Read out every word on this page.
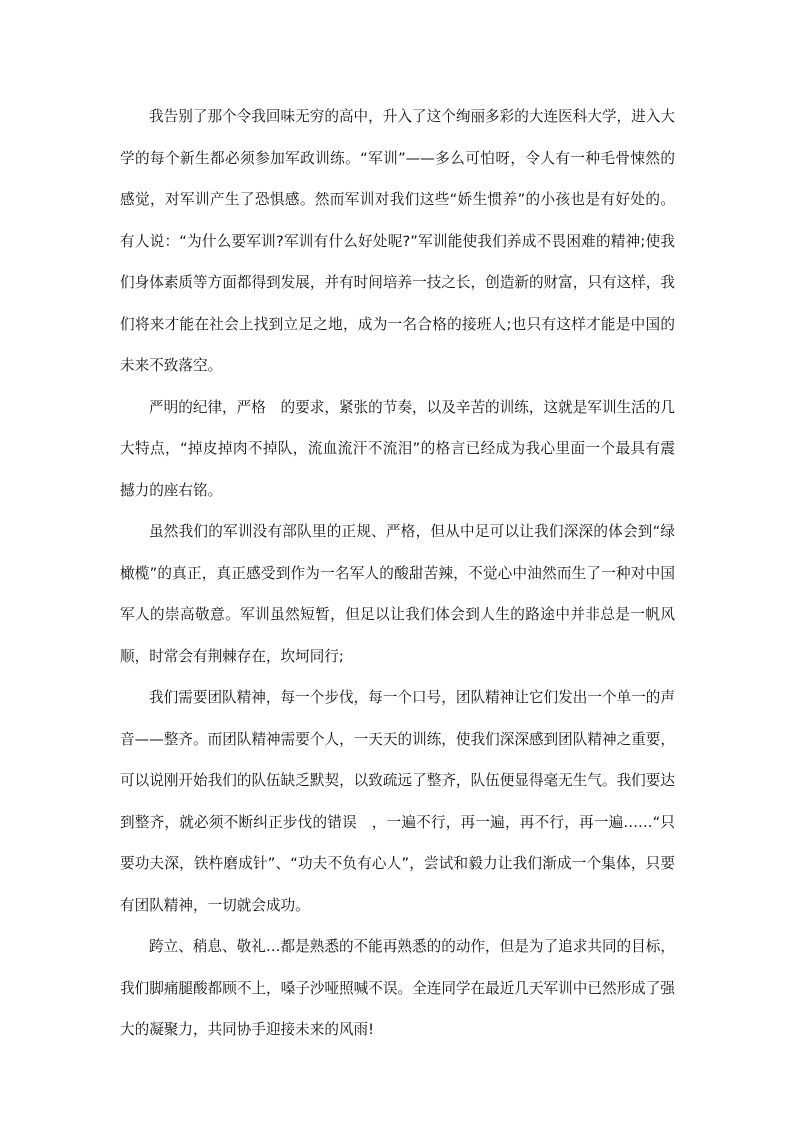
我告别了那个令我回味无穷的高中，升入了这个绚丽多彩的大连医科大学，进入大学的每个新生都必须参加军政训练。“军训”——多么可怕呀，令人有一种毛骨悚然的感觉，对军训产生了恐惧感。然而军训对我们这些“娇生惯养”的小孩也是有好处的。有人说：“为什么要军训?军训有什么好处呢?”军训能使我们养成不畏困难的精神;使我们身体素质等方面都得到发展，并有时间培养一技之长，创造新的财富，只有这样，我们将来才能在社会上找到立足之地，成为一名合格的接班人;也只有这样才能是中国的未来不致落空。

严明的纪律，严格　的要求，紧张的节奏，以及辛苦的训练，这就是军训生活的几大特点，“掉皮掉肉不掉队，流血流汗不流泪”的格言已经成为我心里面一个最具有震撼力的座右铭。

虽然我们的军训没有部队里的正规、严格，但从中足可以让我们深深的体会到“绿橄榄”的真正，真正感受到作为一名军人的酸甜苦辣，不觉心中油然而生了一种对中国军人的崇高敬意。军训虽然短暂，但足以让我们体会到人生的路途中并非总是一帆风顺，时常会有荆棘存在，坎坷同行;

我们需要团队精神，每一个步伐，每一个口号，团队精神让它们发出一个单一的声音——整齐。而团队精神需要个人，一天天的训练，使我们深深感到团队精神之重要，可以说刚开始我们的队伍缺乏默契，以致疏远了整齐，队伍便显得毫无生气。我们要达到整齐，就必须不断纠正步伐的错误　，一遍不行，再一遍，再不行，再一遍……“只要功夫深，铁杵磨成针”、“功夫不负有心人”，尝试和毅力让我们渐成一个集体，只要有团队精神，一切就会成功。

跨立、稍息、敬礼…都是熟悉的不能再熟悉的的动作，但是为了追求共同的目标，我们脚痛腿酸都顾不上，嗓子沙哑照喊不误。全连同学在最近几天军训中已然形成了强大的凝聚力，共同协手迎接未来的风雨!
